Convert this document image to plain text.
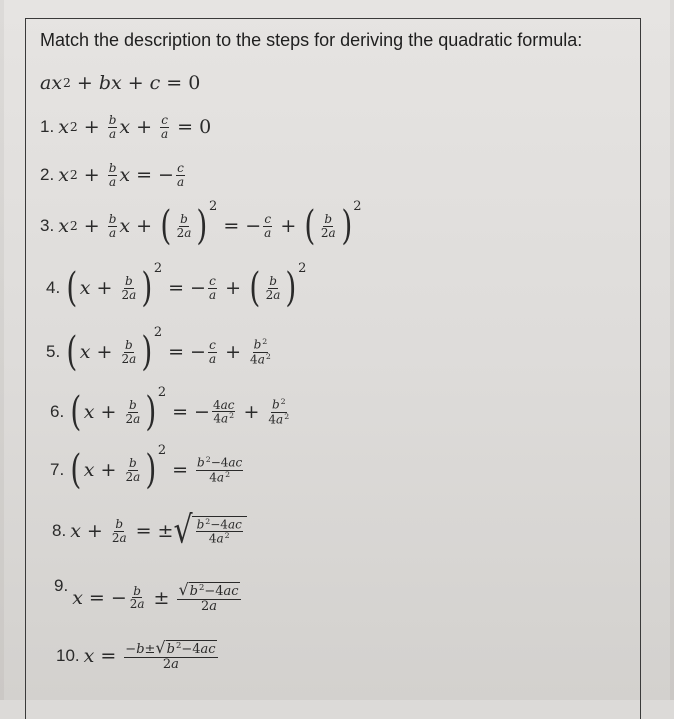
Match the description to the steps for deriving the quadratic formula:
ax 2 + bx + c = 0
1. x $2 + \frac{b}{a}$ $x + \frac{c}{a} = 0$
2. x $2 + \frac{b}{a}$ x = − $\frac{c}{a}$
3. x $2 + \frac{b}{a}$ x + ( $\frac{b}{2a}$ ) 2
= − $\frac{c}{a}$ + ( $\frac{b}{2a}$ ) 2
4. ( $x + \frac{b}{2a}$ ) 2
= − $\frac{c}{a}$ + ( $\frac{b}{2a}$ ) 2
5. ( $x + \frac{b}{2a}$ ) 2
= − $\frac{c}{a} + \frac{b^2}{4a^2}$
6. ( $x + \frac{b}{2a}$ ) 2
= − $\frac{4ac}{4a^2} + \frac{b^2}{4a^2}$
7. ( $x + \frac{b}{2a}$ ) 2
= $\frac{b^2-4ac}{4a^2}$
8. $x + \frac{b}{2a}$ = ± √ $\frac{b^2-4ac}{4a^2}$
9.
x = − $\frac{b}{2a} \pm \frac{√ b^2-4ac}{2a}$
10. $x = \frac{-b\pm √ b^2-4ac}{2a}$
